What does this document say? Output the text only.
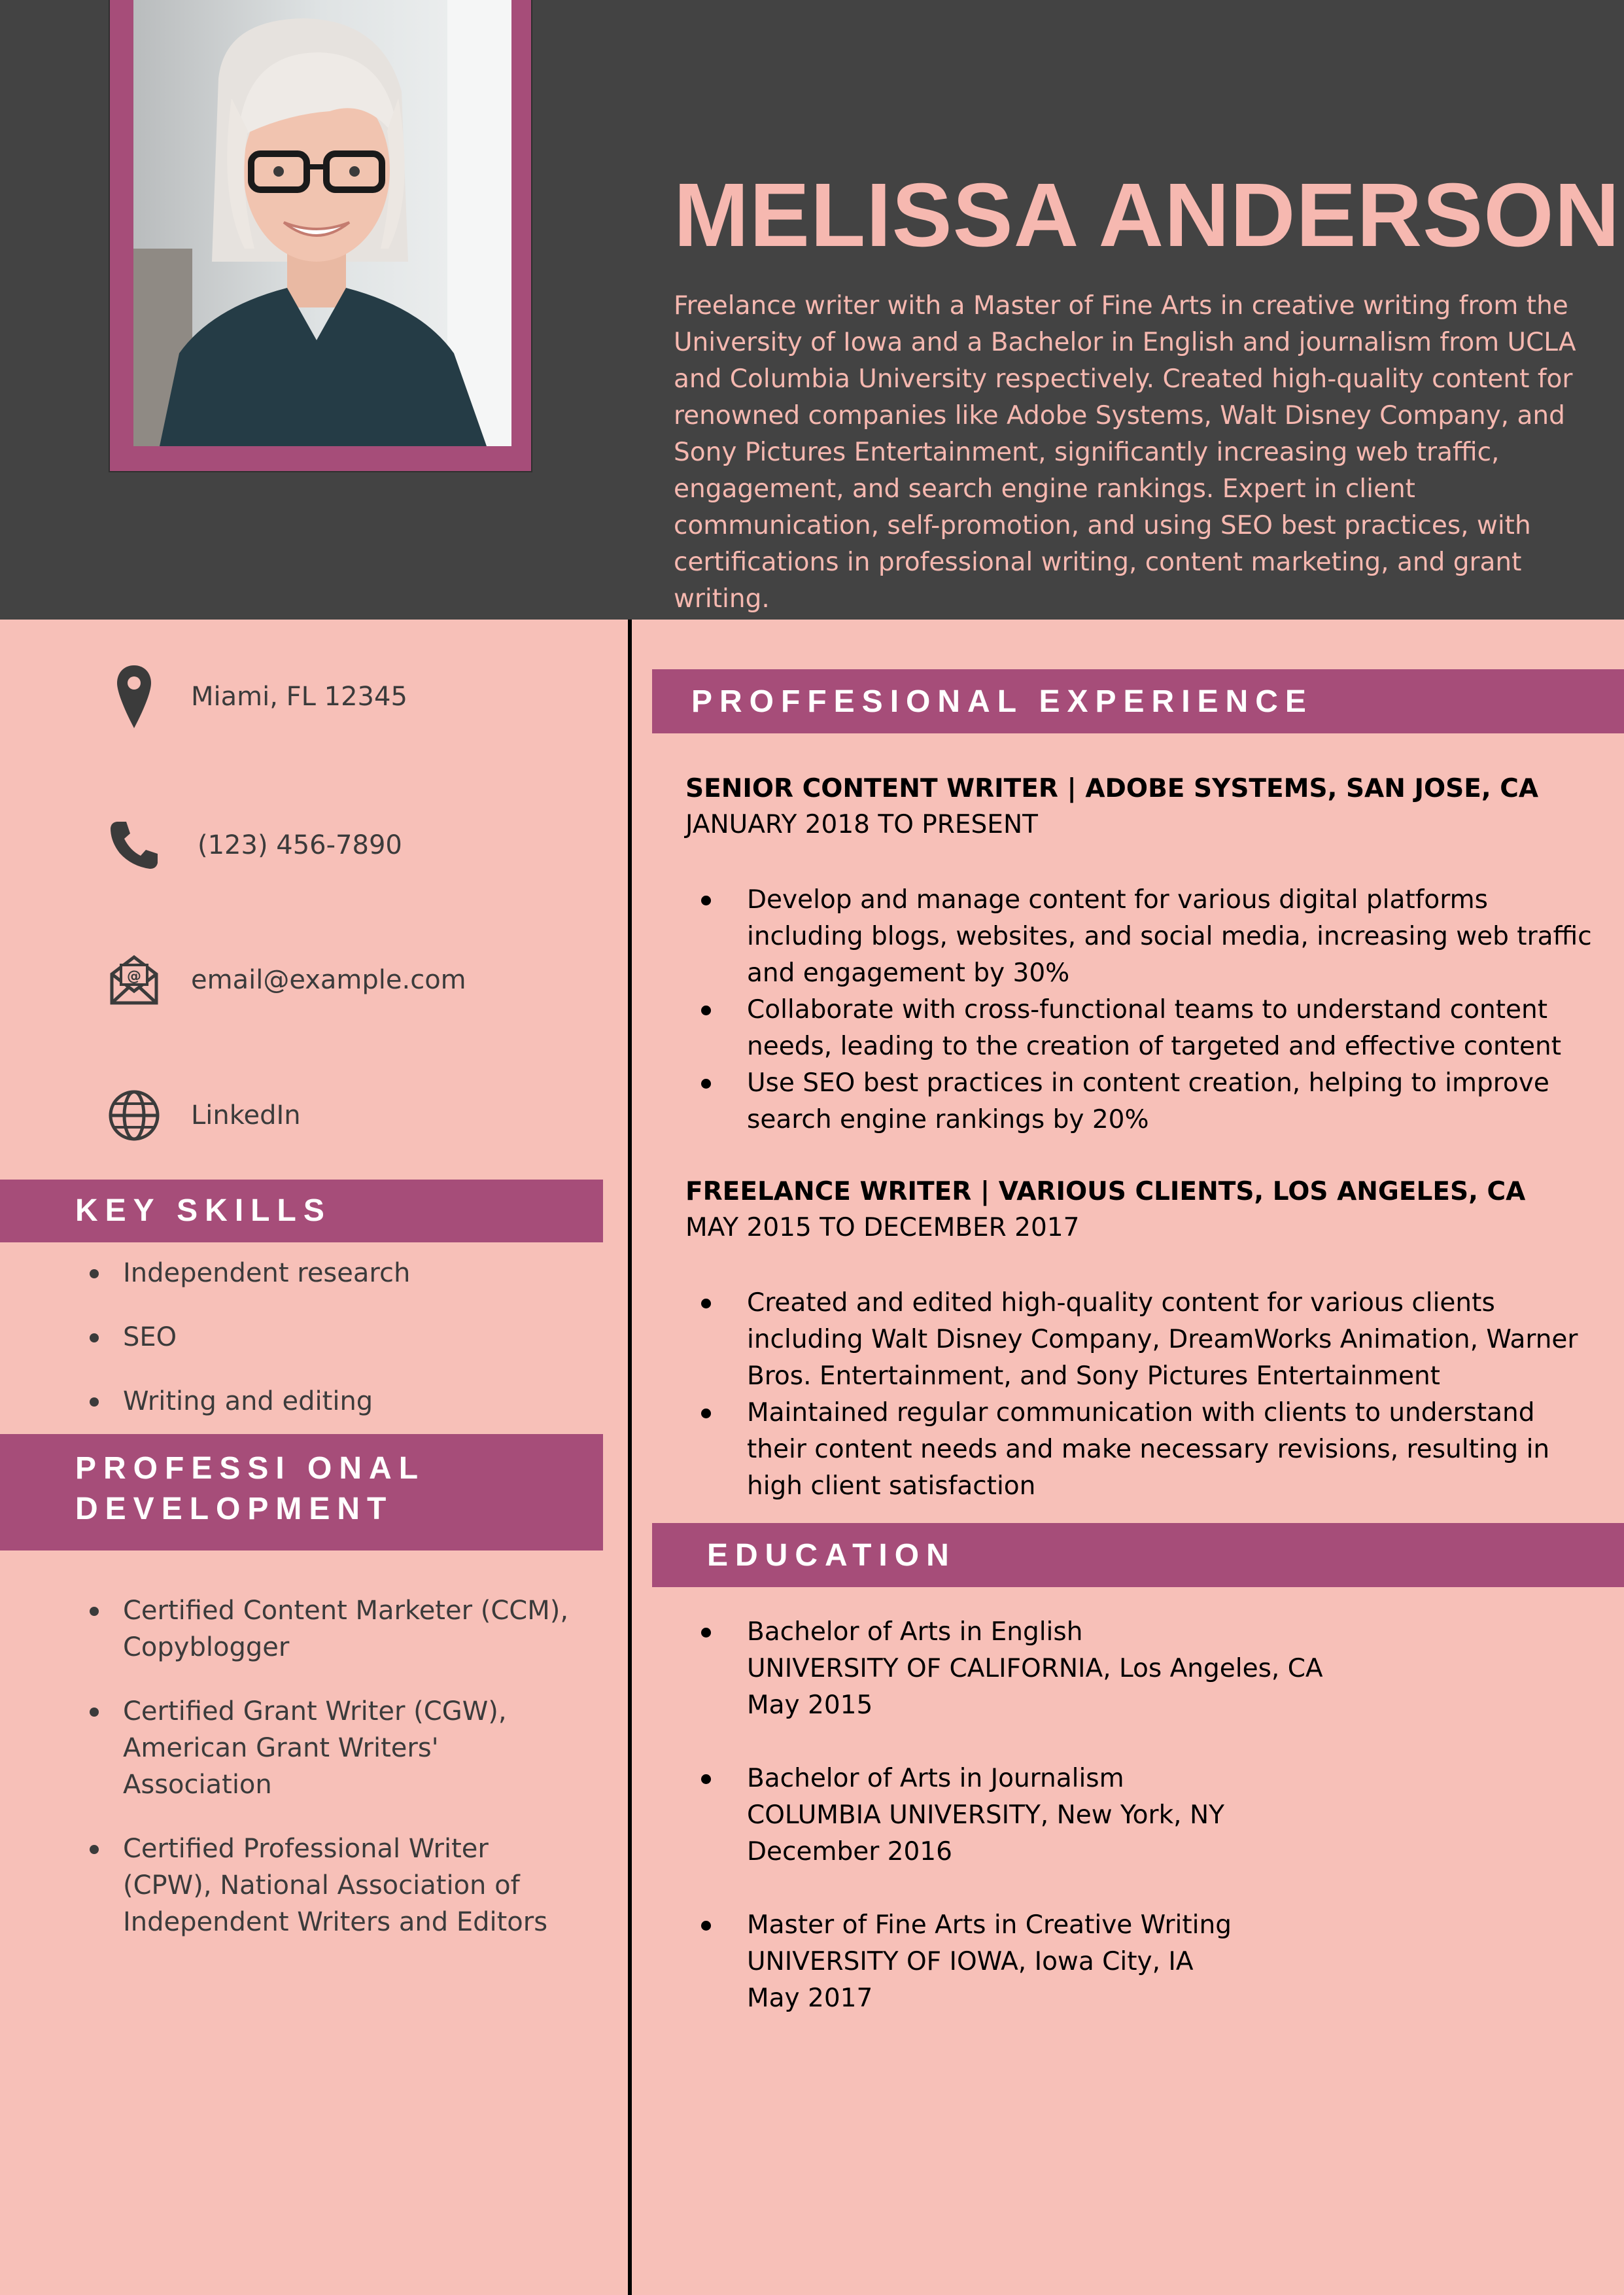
MELISSA ANDERSON

Freelance writer with a Master of Fine Arts in creative writing from the University of Iowa and a Bachelor in English and journalism from UCLA and Columbia University respectively. Created high-quality content for renowned companies like Adobe Systems, Walt Disney Company, and Sony Pictures Entertainment, significantly increasing web traffic, engagement, and search engine rankings. Expert in client communication, self-promotion, and using SEO best practices, with certifications in professional writing, content marketing, and grant writing.

Miami, FL 12345
(123) 456-7890
@ email@example.com
LinkedIn
KEY SKILLS
Independent research
SEO
Writing and editing
PROFESSI ONAL
DEVELOPMENT
Certified Content Marketer (CCM), Copyblogger
Certified Grant Writer (CGW), American Grant Writers' Association
Certified Professional Writer (CPW), National Association of Independent Writers and Editors
PROFFESIONAL EXPERIENCE
SENIOR CONTENT WRITER | ADOBE SYSTEMS, SAN JOSE, CA
JANUARY 2018 TO PRESENT
Develop and manage content for various digital platforms including blogs, websites, and social media, increasing web traffic and engagement by 30%
Collaborate with cross-functional teams to understand content needs, leading to the creation of targeted and effective content
Use SEO best practices in content creation, helping to improve search engine rankings by 20%
FREELANCE WRITER | VARIOUS CLIENTS, LOS ANGELES, CA
MAY 2015 TO DECEMBER 2017
Created and edited high-quality content for various clients including Walt Disney Company, DreamWorks Animation, Warner Bros. Entertainment, and Sony Pictures Entertainment
Maintained regular communication with clients to understand their content needs and make necessary revisions, resulting in high client satisfaction
EDUCATION
Bachelor of Arts in English
UNIVERSITY OF CALIFORNIA, Los Angeles, CA
May 2015
Bachelor of Arts in Journalism
COLUMBIA UNIVERSITY, New York, NY
December 2016
Master of Fine Arts in Creative Writing
UNIVERSITY OF IOWA, Iowa City, IA
May 2017
